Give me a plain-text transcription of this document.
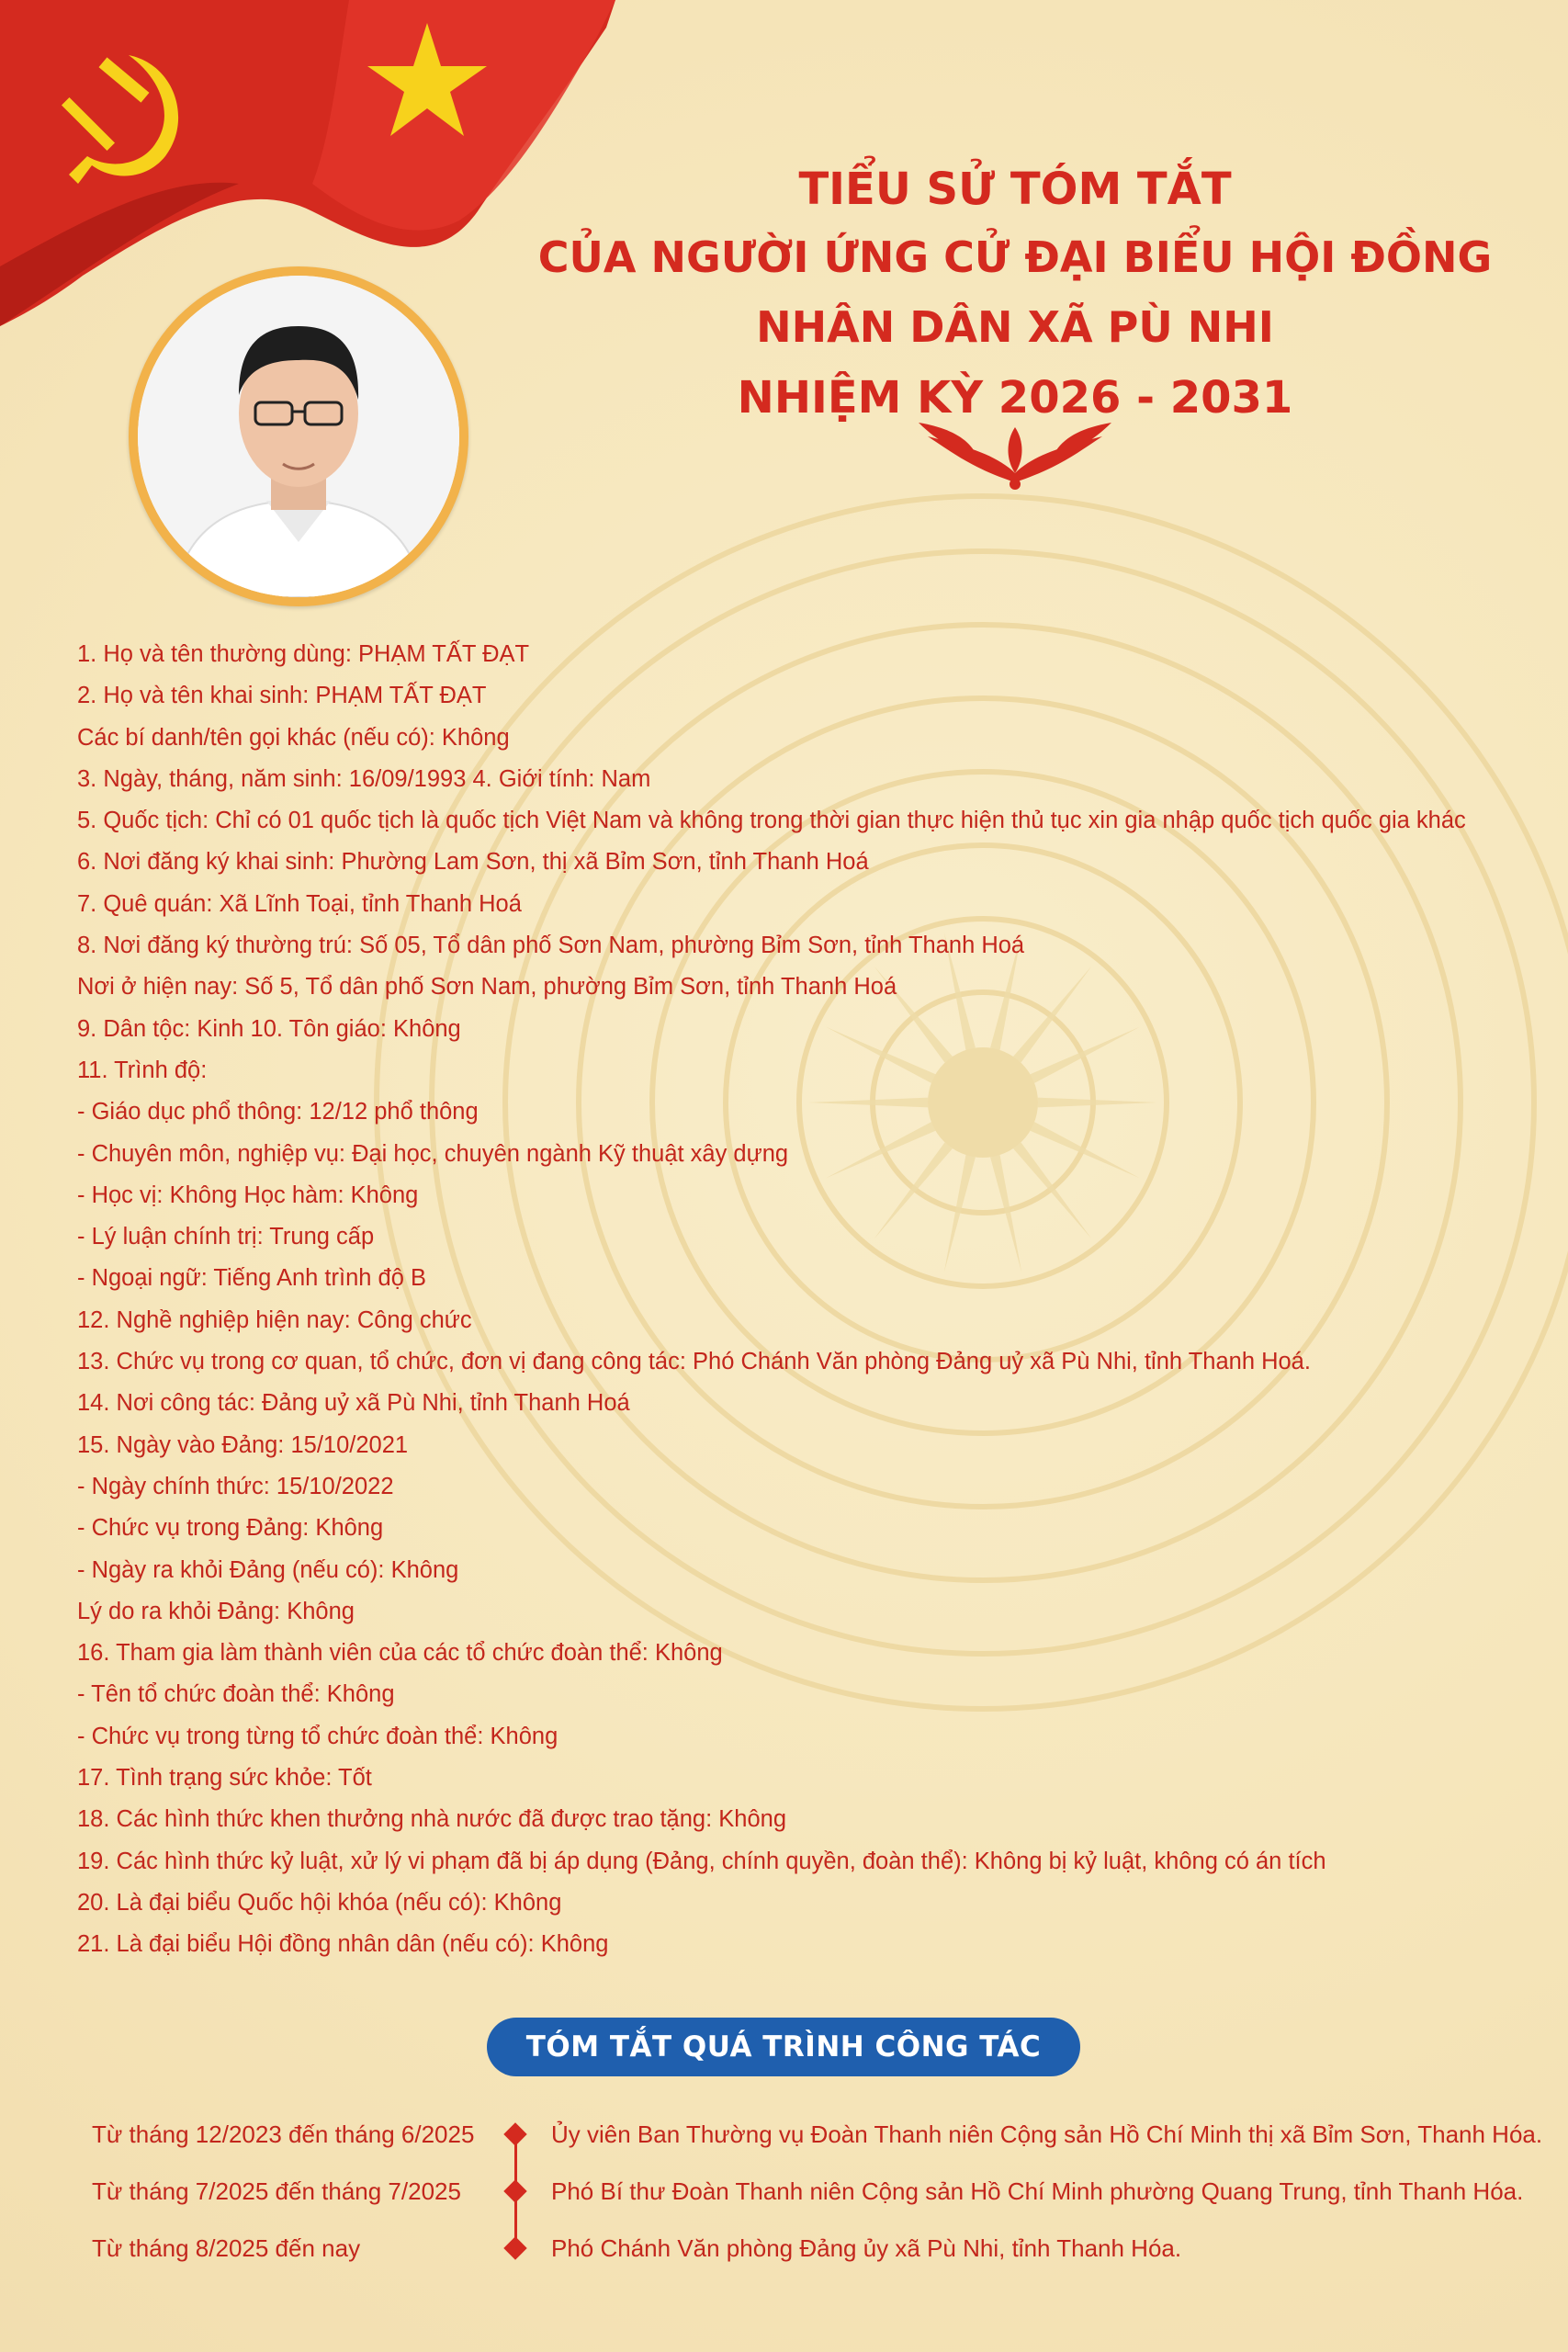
TIỂU SỬ TÓM TẮT
CỦA NGƯỜI ỨNG CỬ ĐẠI BIỂU HỘI ĐỒNG NHÂN DÂN XÃ PÙ NHI
NHIỆM KỲ 2026 - 2031
1. Họ và tên thường dùng: PHẠM TẤT ĐẠT
2. Họ và tên khai sinh: PHẠM TẤT ĐẠT
Các bí danh/tên gọi khác (nếu có): Không
3. Ngày, tháng, năm sinh: 16/09/1993 4. Giới tính: Nam
5. Quốc tịch: Chỉ có 01 quốc tịch là quốc tịch Việt Nam và không trong thời gian thực hiện thủ tục xin gia nhập quốc tịch quốc gia khác
6. Nơi đăng ký khai sinh: Phường Lam Sơn, thị xã Bỉm Sơn, tỉnh Thanh Hoá
7. Quê quán: Xã Lĩnh Toại, tỉnh Thanh Hoá
8. Nơi đăng ký thường trú: Số 05, Tổ dân phố Sơn Nam, phường Bỉm Sơn, tỉnh Thanh Hoá
Nơi ở hiện nay: Số 5, Tổ dân phố Sơn Nam, phường Bỉm Sơn, tỉnh Thanh Hoá
9. Dân tộc: Kinh 10. Tôn giáo: Không
11. Trình độ:
- Giáo dục phổ thông: 12/12 phổ thông
- Chuyên môn, nghiệp vụ: Đại học, chuyên ngành Kỹ thuật xây dựng
- Học vị: Không Học hàm: Không
- Lý luận chính trị: Trung cấp
- Ngoại ngữ: Tiếng Anh trình độ B
12. Nghề nghiệp hiện nay: Công chức
13. Chức vụ trong cơ quan, tổ chức, đơn vị đang công tác: Phó Chánh Văn phòng Đảng uỷ xã Pù Nhi, tỉnh Thanh Hoá.
14. Nơi công tác: Đảng uỷ xã Pù Nhi, tỉnh Thanh Hoá
15. Ngày vào Đảng: 15/10/2021
- Ngày chính thức: 15/10/2022
- Chức vụ trong Đảng: Không
- Ngày ra khỏi Đảng (nếu có): Không
Lý do ra khỏi Đảng: Không
16. Tham gia làm thành viên của các tổ chức đoàn thể: Không
- Tên tổ chức đoàn thể: Không
- Chức vụ trong từng tổ chức đoàn thể: Không
17. Tình trạng sức khỏe: Tốt
18. Các hình thức khen thưởng nhà nước đã được trao tặng: Không
19. Các hình thức kỷ luật, xử lý vi phạm đã bị áp dụng (Đảng, chính quyền, đoàn thể): Không bị kỷ luật, không có án tích
20. Là đại biểu Quốc hội khóa (nếu có): Không
21. Là đại biểu Hội đồng nhân dân (nếu có): Không
TÓM TẮT QUÁ TRÌNH CÔNG TÁC
Từ tháng 12/2023 đến tháng 6/2025	Ủy viên Ban Thường vụ Đoàn Thanh niên Cộng sản Hồ Chí Minh thị xã Bỉm Sơn, Thanh Hóa.
Từ tháng 7/2025 đến tháng 7/2025	Phó Bí thư Đoàn Thanh niên Cộng sản Hồ Chí Minh phường Quang Trung, tỉnh Thanh Hóa.
Từ tháng 8/2025 đến nay	Phó Chánh Văn phòng Đảng ủy xã Pù Nhi, tỉnh Thanh Hóa.
